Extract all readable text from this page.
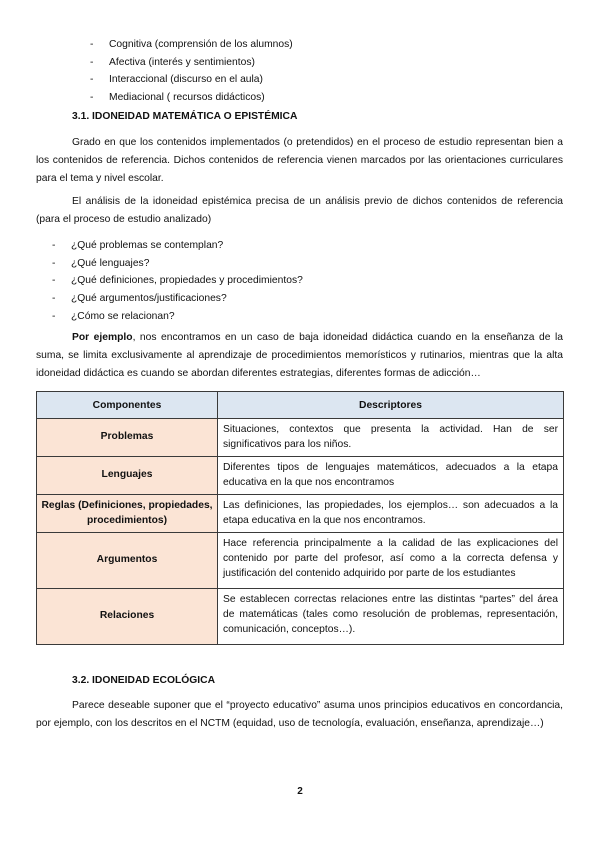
- Cognitiva (comprensión de los alumnos)
- Afectiva (interés y sentimientos)
- Interaccional (discurso en el aula)
- Mediacional ( recursos didácticos)
3.1. IDONEIDAD MATEMÁTICA O EPISTÉMICA

Grado en que los contenidos implementados (o pretendidos) en el proceso de estudio representan bien a los contenidos de referencia. Dichos contenidos de referencia vienen marcados por las orientaciones curriculares para el tema y nivel escolar.

El análisis de la idoneidad epistémica precisa de un análisis previo de dichos contenidos de referencia (para el proceso de estudio analizado)

- ¿Qué problemas se contemplan?
- ¿Qué lenguajes?
- ¿Qué definiciones, propiedades y procedimientos?
- ¿Qué argumentos/justificaciones?
- ¿Cómo se relacionan?

Por ejemplo, nos encontramos en un caso de baja idoneidad didáctica cuando en la enseñanza de la suma, se limita exclusivamente al aprendizaje de procedimientos memorísticos y rutinarios, mientras que la alta idoneidad didáctica es cuando se abordan diferentes estrategias, diferentes formas de adicción…

Componentes	Descriptores
Problemas	Situaciones, contextos que presenta la actividad. Han de ser significativos para los niños.
Lenguajes	Diferentes tipos de lenguajes matemáticos, adecuados a la etapa educativa en la que nos encontramos
Reglas (Definiciones, propiedades, procedimientos)	Las definiciones, las propiedades, los ejemplos… son adecuados a la etapa educativa en la que nos encontramos.
Argumentos	Hace referencia principalmente a la calidad de las explicaciones del contenido por parte del profesor, así como a la correcta defensa y justificación del contenido adquirido por parte de los estudiantes
Relaciones	Se establecen correctas relaciones entre las distintas “partes” del área de matemáticas (tales como resolución de problemas, representación, comunicación, conceptos…).
3.2. IDONEIDAD ECOLÓGICA

Parece deseable suponer que el “proyecto educativo” asuma unos principios educativos en concordancia, por ejemplo, con los descritos en el NCTM (equidad, uso de tecnología, evaluación, enseñanza, aprendizaje…)

2
